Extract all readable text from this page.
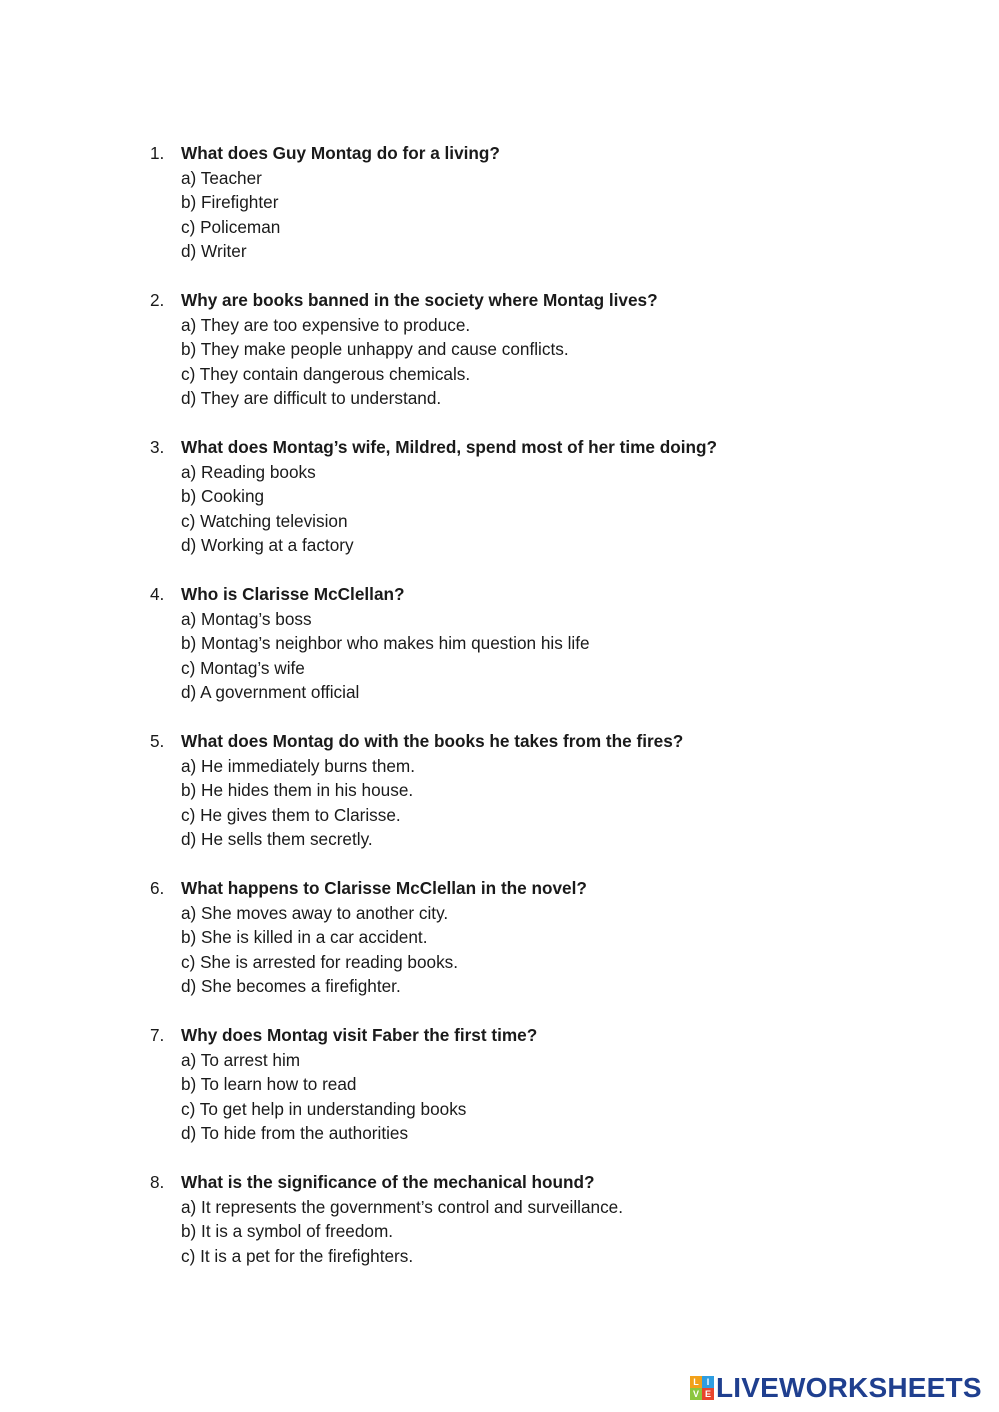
1. What does Guy Montag do for a living?
a) Teacher
b) Firefighter
c) Policeman
d) Writer
2. Why are books banned in the society where Montag lives?
a) They are too expensive to produce.
b) They make people unhappy and cause conflicts.
c) They contain dangerous chemicals.
d) They are difficult to understand.
3. What does Montag’s wife, Mildred, spend most of her time doing?
a) Reading books
b) Cooking
c) Watching television
d) Working at a factory
4. Who is Clarisse McClellan?
a) Montag’s boss
b) Montag’s neighbor who makes him question his life
c) Montag’s wife
d) A government official
5. What does Montag do with the books he takes from the fires?
a) He immediately burns them.
b) He hides them in his house.
c) He gives them to Clarisse.
d) He sells them secretly.
6. What happens to Clarisse McClellan in the novel?
a) She moves away to another city.
b) She is killed in a car accident.
c) She is arrested for reading books.
d) She becomes a firefighter.
7. Why does Montag visit Faber the first time?
a) To arrest him
b) To learn how to read
c) To get help in understanding books
d) To hide from the authorities
8. What is the significance of the mechanical hound?
a) It represents the government’s control and surveillance.
b) It is a symbol of freedom.
c) It is a pet for the firefighters.
L I
V E LIVEWORKSHEETS
